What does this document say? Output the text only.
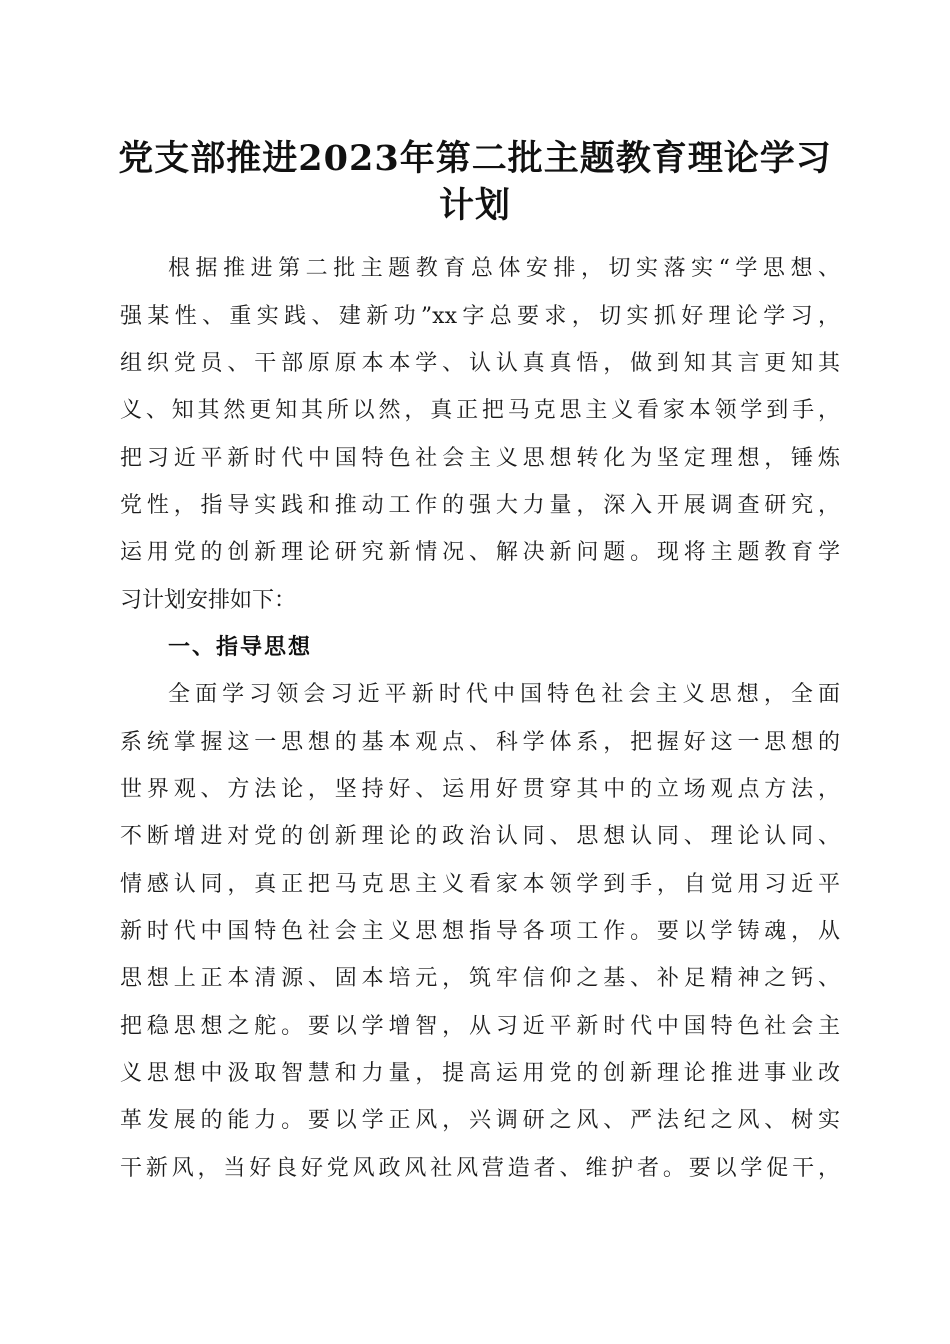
党支部推进2023年第二批主题教育理论学习
计划
根据推进第二批主题教育总体安排，切实落实“学思想、
强某性、重实践、建新功”xx字总要求，切实抓好理论学习，
组织党员、干部原原本本学、认认真真悟，做到知其言更知其
义、知其然更知其所以然，真正把马克思主义看家本领学到手，
把习近平新时代中国特色社会主义思想转化为坚定理想，锤炼
党性，指导实践和推动工作的强大力量，深入开展调查研究，
运用党的创新理论研究新情况、解决新问题。现将主题教育学
习计划安排如下：
一、指导思想
全面学习领会习近平新时代中国特色社会主义思想，全面
系统掌握这一思想的基本观点、科学体系，把握好这一思想的
世界观、方法论，坚持好、运用好贯穿其中的立场观点方法，
不断增进对党的创新理论的政治认同、思想认同、理论认同、
情感认同，真正把马克思主义看家本领学到手，自觉用习近平
新时代中国特色社会主义思想指导各项工作。要以学铸魂，从
思想上正本清源、固本培元，筑牢信仰之基、补足精神之钙、
把稳思想之舵。要以学增智，从习近平新时代中国特色社会主
义思想中汲取智慧和力量，提高运用党的创新理论推进事业改
革发展的能力。要以学正风，兴调研之风、严法纪之风、树实
干新风，当好良好党风政风社风营造者、维护者。要以学促干，
